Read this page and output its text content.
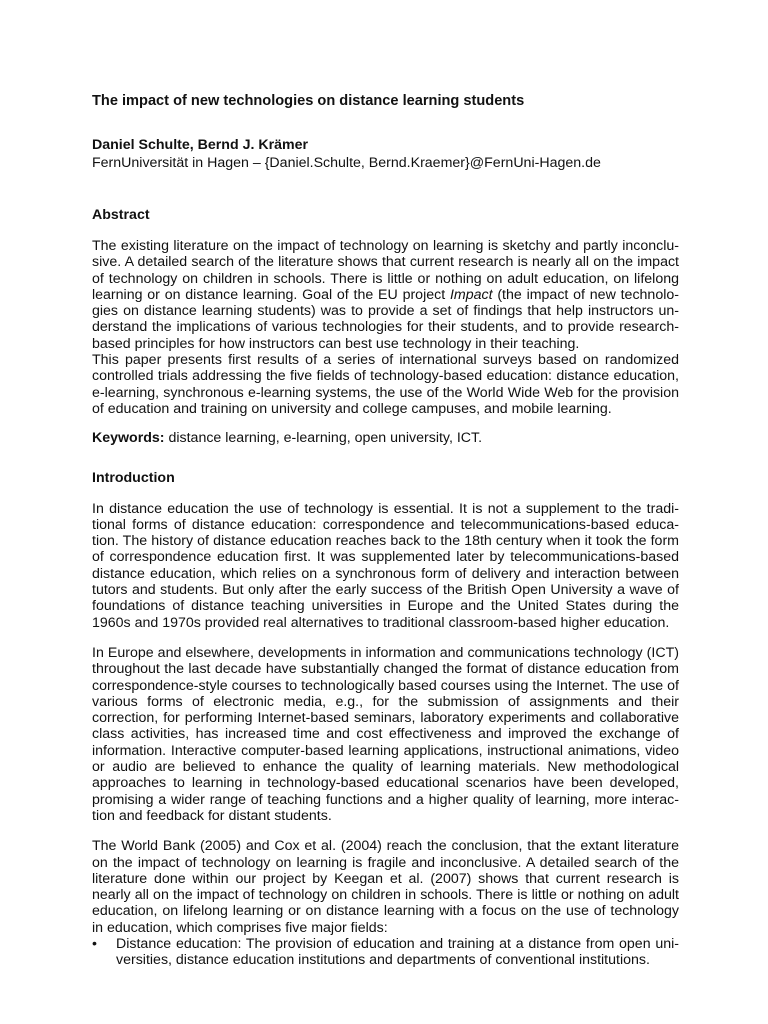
The impact of new technologies on distance learning students
Daniel Schulte, Bernd J. Krämer
FernUniversität in Hagen – {Daniel.Schulte, Bernd.Kraemer}@FernUni-Hagen.de
Abstract

The existing literature on the impact of technology on learning is sketchy and partly inconclusive. A detailed search of the literature shows that current research is nearly all on the impact of technology on children in schools. There is little or nothing on adult education, on lifelong learning or on distance learning. Goal of the EU project Impact (the impact of new technologies on distance learning students) was to provide a set of findings that help instructors understand the implications of various technologies for their students, and to provide research-based principles for how instructors can best use technology in their teaching.

This paper presents first results of a series of international surveys based on randomized controlled trials addressing the five fields of technology-based education: distance education, e-learning, synchronous e-learning systems, the use of the World Wide Web for the provision of education and training on university and college campuses, and mobile learning.

Keywords: distance learning, e-learning, open university, ICT.

Introduction

In distance education the use of technology is essential. It is not a supplement to the traditional forms of distance education: correspondence and telecommunications-based education. The history of distance education reaches back to the 18th century when it took the form of correspondence education first. It was supplemented later by telecommunications-based distance education, which relies on a synchronous form of delivery and interaction between tutors and students. But only after the early success of the British Open University a wave of foundations of distance teaching universities in Europe and the United States during the 1960s and 1970s provided real alternatives to traditional classroom-based higher education.

In Europe and elsewhere, developments in information and communications technology (ICT) throughout the last decade have substantially changed the format of distance education from correspondence-style courses to technologically based courses using the Internet. The use of various forms of electronic media, e.g., for the submission of assignments and their correction, for performing Internet-based seminars, laboratory experiments and collaborative class activities, has increased time and cost effectiveness and improved the exchange of information. Interactive computer-based learning applications, instructional animations, video or audio are believed to enhance the quality of learning materials. New methodological approaches to learning in technology-based educational scenarios have been developed, promising a wider range of teaching functions and a higher quality of learning, more interaction and feedback for distant students.

The World Bank (2005) and Cox et al. (2004) reach the conclusion, that the extant literature on the impact of technology on learning is fragile and inconclusive. A detailed search of the literature done within our project by Keegan et al. (2007) shows that current research is nearly all on the impact of technology on children in schools. There is little or nothing on adult education, on lifelong learning or on distance learning with a focus on the use of technology in education, which comprises five major fields:

• Distance education: The provision of education and training at a distance from open universities, distance education institutions and departments of conventional institutions.
